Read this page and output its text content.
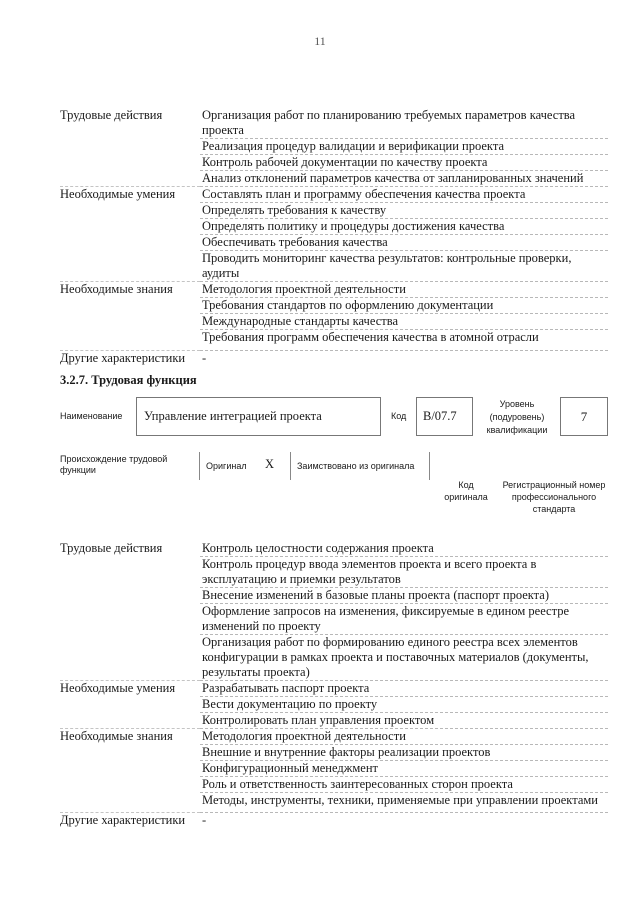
11
Трудовые действия	Организация работ по планированию требуемых параметров качества проекта
	Реализация процедур валидации и верификации проекта
	Контроль рабочей документации по качеству проекта
	Анализ отклонений параметров качества от запланированных значений
Необходимые умения	Составлять план и программу обеспечения качества проекта
	Определять требования к качеству
	Определять политику и процедуры достижения качества
	Обеспечивать требования качества
	Проводить мониторинг качества результатов: контрольные проверки, аудиты
Необходимые знания	Методология проектной деятельности
	Требования стандартов по оформлению документации
	Международные стандарты качества
	Требования программ обеспечения качества в атомной отрасли
Другие характеристики	-
3.2.7. Трудовая функция
Наименование	Управление интеграцией проекта	Код	B/07.7
Уровень (подуровень) квалификации
7
Происхождение трудовой функции	Оригинал X	Заимствовано из оригинала
Код оригинала
Регистрационный номер профессионального стандарта
Трудовые действия	Контроль целостности содержания проекта
	Контроль процедур ввода элементов проекта и всего проекта в эксплуатацию и приемки результатов
	Внесение изменений в базовые планы проекта (паспорт проекта)
	Оформление запросов на изменения, фиксируемые в едином реестре изменений по проекту
	Организация работ по формированию единого реестра всех элементов конфигурации в рамках проекта и поставочных материалов (документы, результаты проекта)
Необходимые умения	Разрабатывать паспорт проекта
	Вести документацию по проекту
	Контролировать план управления проектом
Необходимые знания	Методология проектной деятельности
	Внешние и внутренние факторы реализации проектов
	Конфигурационный менеджмент
	Роль и ответственность заинтересованных сторон проекта
	Методы, инструменты, техники, применяемые при управлении проектами
Другие характеристики	-
